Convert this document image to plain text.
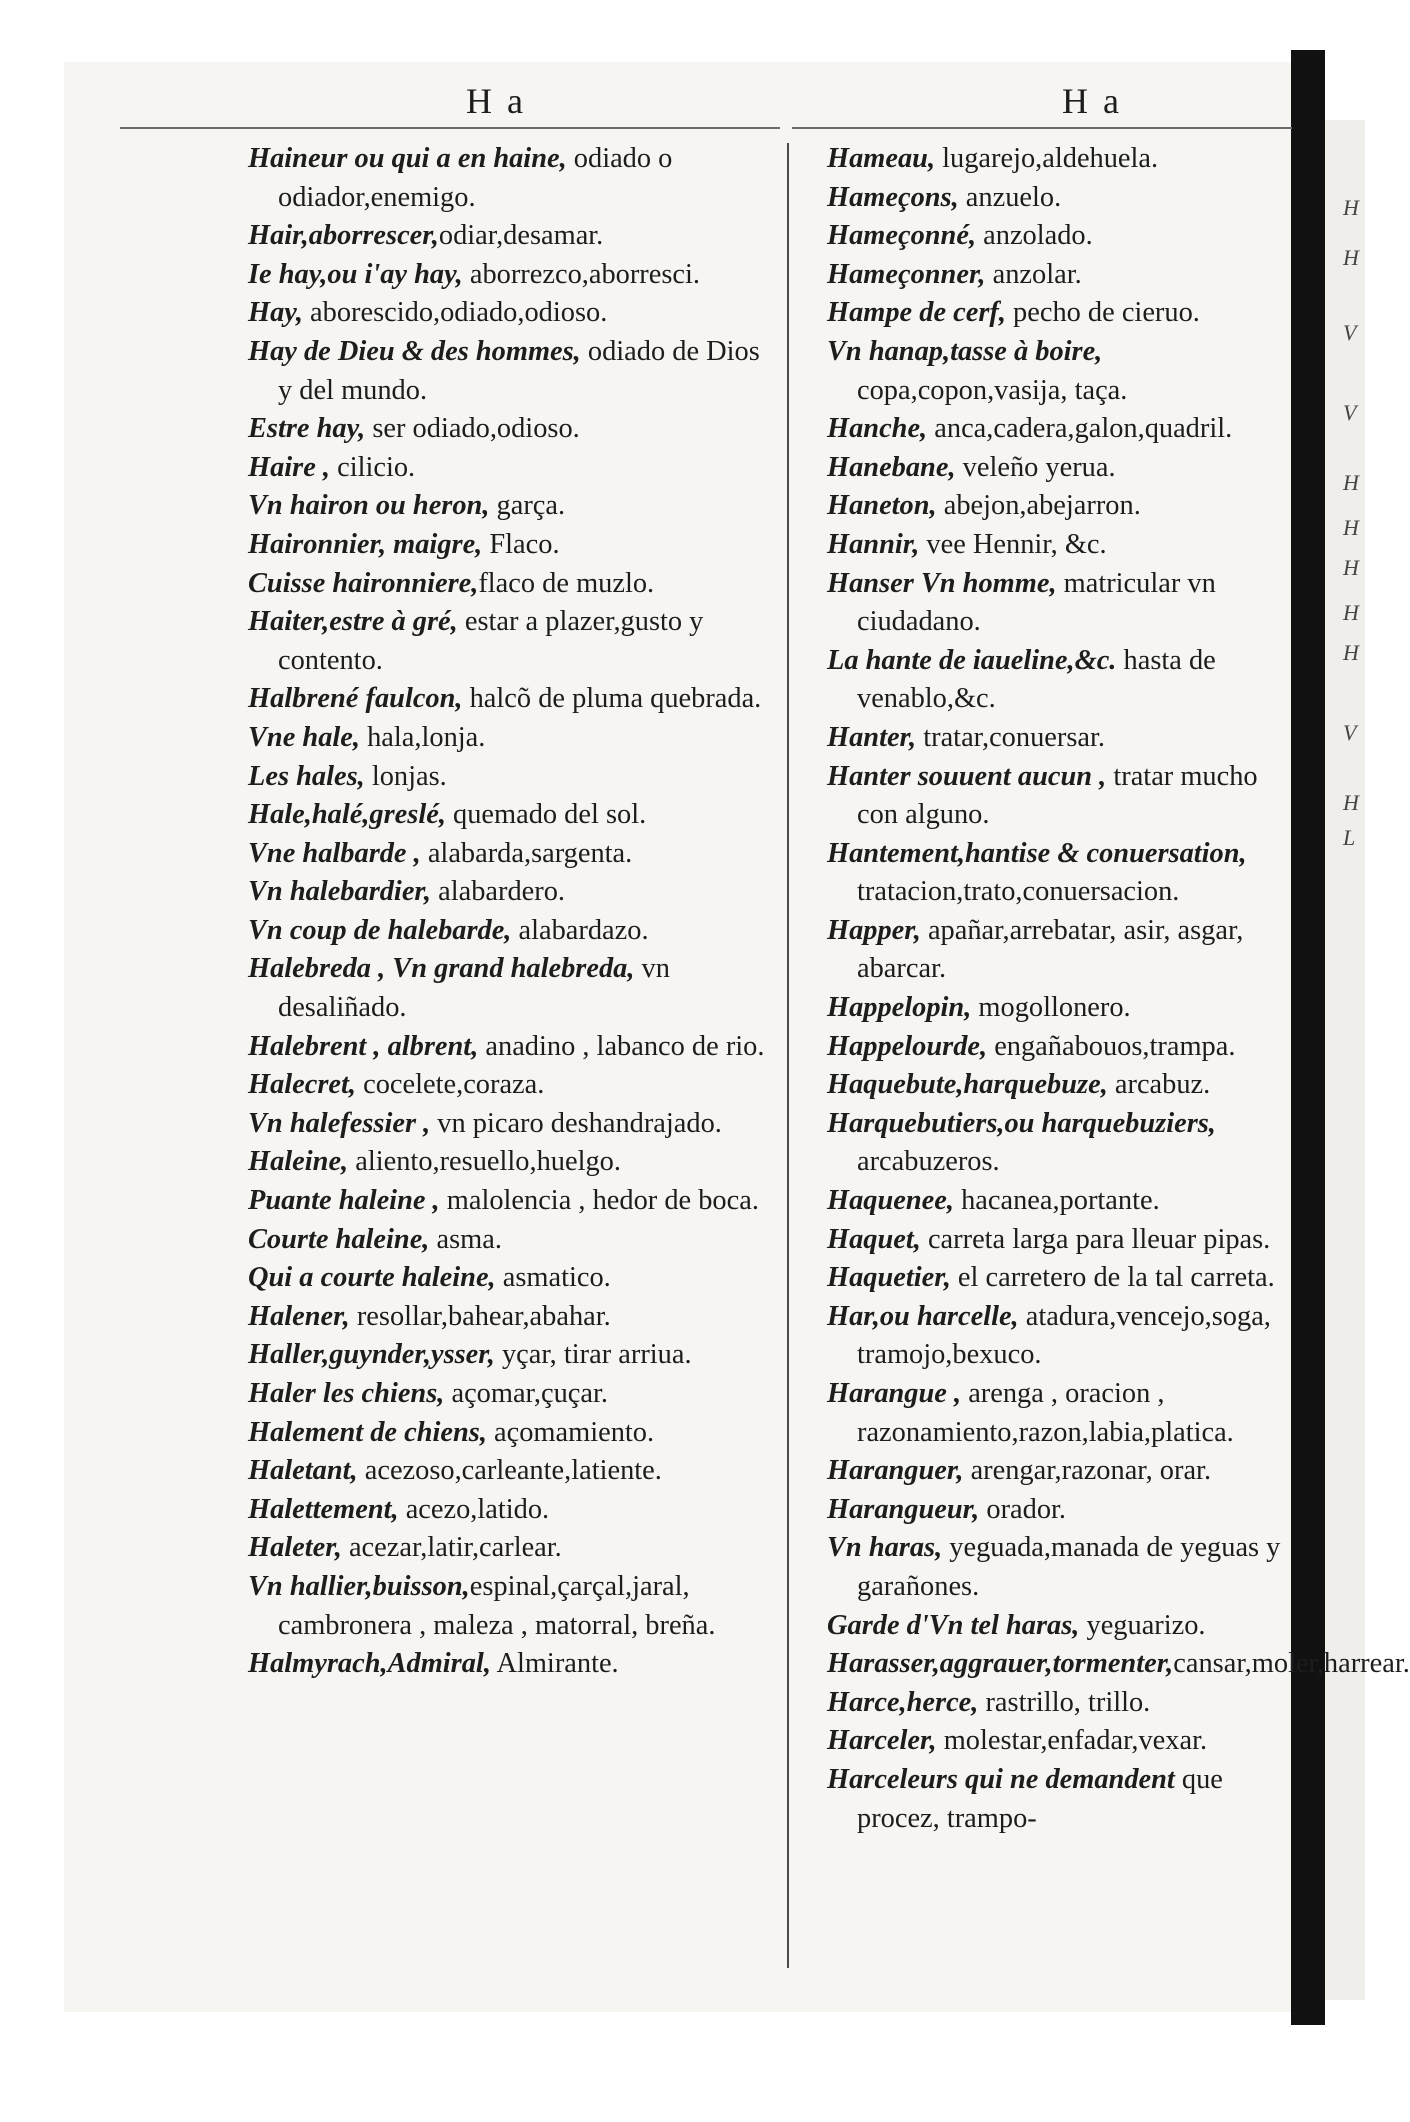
H
H
V
V
H
H
H
H
H
V
H
L
H a	H a
Haineur ou qui a en haine, odiado o odiador,enemigo.
Hair,aborrescer,odiar,desamar.
Ie hay,ou i'ay hay, aborrezco,aborresci.
Hay, aborescido,odiado,odioso.
Hay de Dieu & des hommes, odiado de Dios y del mundo.
Estre hay, ser odiado,odioso.
Haire , cilicio.
Vn hairon ou heron, garça.
Haironnier, maigre, Flaco.
Cuisse haironniere,flaco de muzlo.
Haiter,estre à gré, estar a plazer,gusto y contento.
Halbrené faulcon, halcõ de pluma quebrada.
Vne hale, hala,lonja.
Les hales, lonjas.
Hale,halé,greslé, quemado del sol.
Vne halbarde , alabarda,sargenta.
Vn halebardier, alabardero.
Vn coup de halebarde, alabardazo.
Halebreda , Vn grand halebreda, vn desaliñado.
Halebrent , albrent, anadino , labanco de rio.
Halecret, cocelete,coraza.
Vn halefessier , vn picaro deshandrajado.
Haleine, aliento,resuello,huelgo.
Puante haleine , malolencia , hedor de boca.
Courte haleine, asma.
Qui a courte haleine, asmatico.
Halener, resollar,bahear,abahar.
Haller,guynder,ysser, yçar, tirar arriua.
Haler les chiens, açomar,çuçar.
Halement de chiens, açomamiento.
Haletant, acezoso,carleante,latiente.
Halettement, acezo,latido.
Haleter, acezar,latir,carlear.
Vn hallier,buisson,espinal,çarçal,jaral, cambronera , maleza , matorral, breña.
Halmyrach,Admiral, Almirante.
Hameau, lugarejo,aldehuela.
Hameçons, anzuelo.
Hameçonné, anzolado.
Hameçonner, anzolar.
Hampe de cerf, pecho de cieruo.
Vn hanap,tasse à boire, copa,copon,vasija, taça.
Hanche, anca,cadera,galon,quadril.
Hanebane, veleño yerua.
Haneton, abejon,abejarron.
Hannir, vee Hennir, &c.
Hanser Vn homme, matricular vn ciudadano.
La hante de iaueline,&c. hasta de venablo,&c.
Hanter, tratar,conuersar.
Hanter souuent aucun , tratar mucho con alguno.
Hantement,hantise & conuersation, tratacion,trato,conuersacion.
Happer, apañar,arrebatar, asir, asgar, abarcar.
Happelopin, mogollonero.
Happelourde, engañabouos,trampa.
Haquebute,harquebuze, arcabuz.
Harquebutiers,ou harquebuziers, arcabuzeros.
Haquenee, hacanea,portante.
Haquet, carreta larga para lleuar pipas.
Haquetier, el carretero de la tal carreta.
Har,ou harcelle, atadura,vencejo,soga, tramojo,bexuco.
Harangue , arenga , oracion , razonamiento,razon,labia,platica.
Haranguer, arengar,razonar, orar.
Harangueur, orador.
Vn haras, yeguada,manada de yeguas y garañones.
Garde d'Vn tel haras, yeguarizo.
Harasser,aggrauer,tormenter,cansar,moler,harrear.
Harce,herce, rastrillo, trillo.
Harceler, molestar,enfadar,vexar.
Harceleurs qui ne demandent que procez, trampo-
